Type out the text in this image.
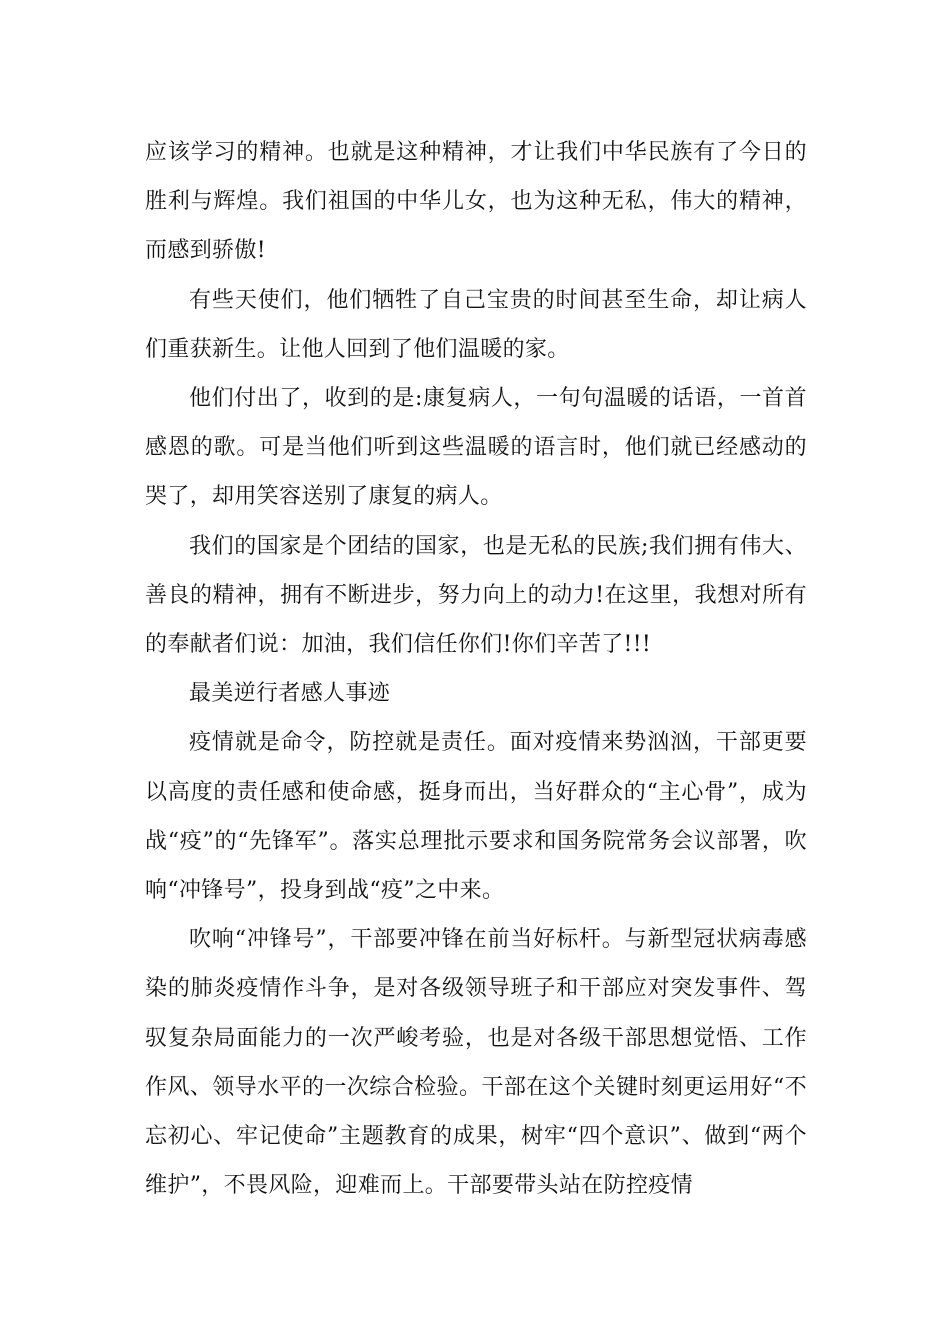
应该学习的精神。也就是这种精神，才让我们中华民族有了今日的胜利与辉煌。我们祖国的中华儿女，也为这种无私，伟大的精神，而感到骄傲!

有些天使们，他们牺牲了自己宝贵的时间甚至生命，却让病人们重获新生。让他人回到了他们温暖的家。

他们付出了，收到的是:康复病人，一句句温暖的话语，一首首感恩的歌。可是当他们听到这些温暖的语言时，他们就已经感动的哭了，却用笑容送别了康复的病人。

我们的国家是个团结的国家，也是无私的民族;我们拥有伟大、善良的精神，拥有不断进步，努力向上的动力!在这里，我想对所有的奉献者们说：加油，我们信任你们!你们辛苦了!!!

最美逆行者感人事迹

疫情就是命令，防控就是责任。面对疫情来势汹汹，干部更要以高度的责任感和使命感，挺身而出，当好群众的“主心骨”，成为战“疫”的“先锋军”。落实总理批示要求和国务院常务会议部署，吹响“冲锋号”，投身到战“疫”之中来。

吹响“冲锋号”，干部要冲锋在前当好标杆。与新型冠状病毒感染的肺炎疫情作斗争，是对各级领导班子和干部应对突发事件、驾驭复杂局面能力的一次严峻考验，也是对各级干部思想觉悟、工作作风、领导水平的一次综合检验。干部在这个关键时刻更运用好“不忘初心、牢记使命”主题教育的成果，树牢“四个意识”、做到“两个维护”，不畏风险，迎难而上。干部要带头站在防控疫情
